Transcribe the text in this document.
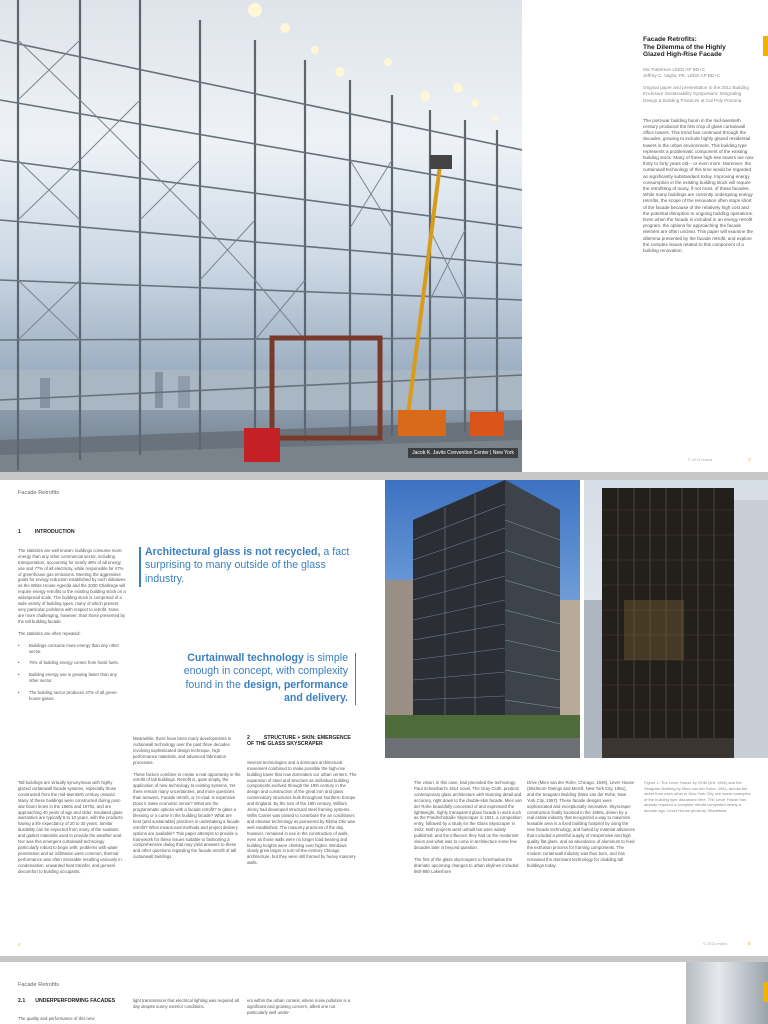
Jacob K. Javits Convention Center | New York
Facade Retrofits:
The Dilemma of the Highly
Glazed High-Rise Facade
Mic Patterson LEED AP BD+C
Jeffrey C. Vaglio, PE, LEED AP BD+C
Original paper and presentation to the 2011 Building Enclosure Sustainability Symposium: Integrating Design & Building Practices at Cal Poly Pomona.
The post-war building boom in the mid-twentieth century produced the first crop of glass curtainwall office towers. This trend has continued through the decades, growing to include highly glazed residential towers in the urban environment. This building type represents a problematic component of the existing building stock. Many of these high-rise towers are now thirty to forty years old – or even more. Moreover, the curtainwall technology of this time would be regarded as significantly substandard today. Improving energy consumption in the existing building stock will require the retrofitting of many, if not most, of these facades. While many buildings are currently undergoing energy retrofits, the scope of the renovation often stops short of the facade because of the relatively high cost and the potential disruption to ongoing building operations. Even when the facade is included in an energy retrofit program, the options for approaching the facade element are often unclear. This paper will examine the dilemma presented by the facade retrofit, and explore the complex issues related to this component of a building renovation.
© 2013 enclos	3
Facade Retrofits
1	INTRODUCTION

The statistics are well known: buildings consume more energy than any other commercial sector, including transportation, accounting for nearly 48% of all energy use and 77% of all electricity, while responsible for 47% of greenhouse gas emissions. Meeting the aggressive goals for energy reduction established by such initiatives as the White House Agenda and the 2030 Challenge will require energy retrofits to the existing building stock on a widespread scale. The building stock is comprised of a wide variety of building types, many of which present very particular problems with respect to retrofit. None are more challenging, however, than those presented by the tall building facade.

The statistics are often repeated:

• Buildings consume more energy than any other sector.
• 76% of building energy comes from fossil fuels.
• Building energy use is growing faster than any other sector.
• The building sector produces 47% of all green-house gases.
Tall buildings are virtually synonymous with highly glazed curtainwall facade systems, especially those constructed from the mid-twentieth century onward. Many of these buildings were constructed during post-war boom times in the 1960s and 1970s, and are approaching 40 years of age and older. Insulated glass warranties are typically 5 to 10 years, with the products having a life expectancy of 20 to 30 years. Similar durability can be expected from many of the sealants and gasket materials used to provide the weather seal. Nor was this emergent curtainwall technology particularly robust to begin with; problems with water penetration and air infiltration were common; thermal performance was often miserable resulting variously in condensation, unwanted heat transfer, and general discomfort to building occupants.
Architectural glass is not recycled, a fact surprising to many outside of the glass industry.
Curtainwall technology is simple enough in concept, with complexity found in the design, performance and delivery.

Meanwhile, there have been many developments in curtainwall technology over the past three decades involving sophisticated design technique, high performance materials, and advanced fabrication processes.

These factors combine to create a real opportunity in the retrofit of tall buildings. Retrofit is, quite simply, the application of new technology to existing systems. Yet there remain many uncertainties, and more questions than answers. Facade retrofit, or re-clad, is expensive. Does it make economic sense? What are the programmatic options with a facade retrofit? Is glass a blessing or a curse in the building facade? What are best (and sustainable) practices in undertaking a facade retrofit? What means-and-methods and project delivery options are available? This paper attempts to provide a framework for these issues suitable to fashioning a comprehensive dialog that may yield answers to these and other questions regarding the facade retrofit of tall curtainwall buildings.

2	STRUCTURE + SKIN: EMERGENCE OF THE GLASS SKYSCRAPER

Several technologies and a dominant architectural movement combined to make possible the high-rise building tower that now dominates our urban centers. The expansion of steel and structure as individual building components evolved through the 19th century in the design and construction of the great iron and glass conservatory structures built throughout Northern Europe and England. By the turn of the 19th century, William Jenny had developed structural steel framing systems. Willis Carrier was poised to contribute the air conditioner, and elevator technology as pioneered by Elisha Otis was well established. The masonry practices of the day, however, remained in use in the construction of walls, even as those walls were no longer load bearing and building heights were climbing ever higher. Windows slowly grew larger in turn-of-the-century Chicago architecture, but they were still framed by heavy masonry walls.

The vision, in this case, had preceded the technology. Paul Scheerbart's 1914 novel, The Gray Cloth, predicts contemporary glass architecture with stunning detail and accuracy, right down to the double-skin facade. Mies van der Rohe beautifully conceived of and expressed the lightweight, highly transparent glass facade in work such as the Friedrichstraße Skyscraper in 1921, a competition entry, followed by a study for the Glass Skyscraper in 1922. Both projects went unbuilt but were widely published, and the influence they had on the modernist vision and what was to come in architecture some few decades later is beyond question.

The first of the glass skyscrapers to foreshadow the dramatic upcoming changes to urban skylines included 860-880 Lakeshore

Drive (Mies van der Rohe, Chicago, 1949), Lever House (Skidmore Owings and Merrill, New York City, 1951), and the Seagram Building (Mies van der Rohe, New York City, 1957). These facade designs were sophisticated and exceptionally innovative. Skyscraper construction finally boomed in the 1960s, driven by a real estate industry that recognized a way to maximize leasable area in a fixed building footprint by using the new facade technology, and fueled by material advances that included a plentiful supply of inexpensive and high quality flat glass, and an abundance of aluminum to feed the extrusion process for framing components. The modern curtainwall industry was thus born, and has remained the dominant technology for cladding tall buildings today.
Figure 1: The Lever House by SOM (left, 1951) and the Seagram Building by Mies van der Rohe, 1954, across the street from each other in New York City, are iconic examples of the building type discussed here. The Lever House has already required a complete retrofit completed nearly a decade ago. Lever House photo by Shadekind.
4	© 2013 enclos	5
Facade Retrofits
2.1 UNDERPERFORMING FACADES
The quality and performance of this new
light transmission that electrical lighting was required all day despite sunny exterior conditions.
ers within the urban context, where noise pollution is a significant and growing concern, albeit one not particularly well under-
